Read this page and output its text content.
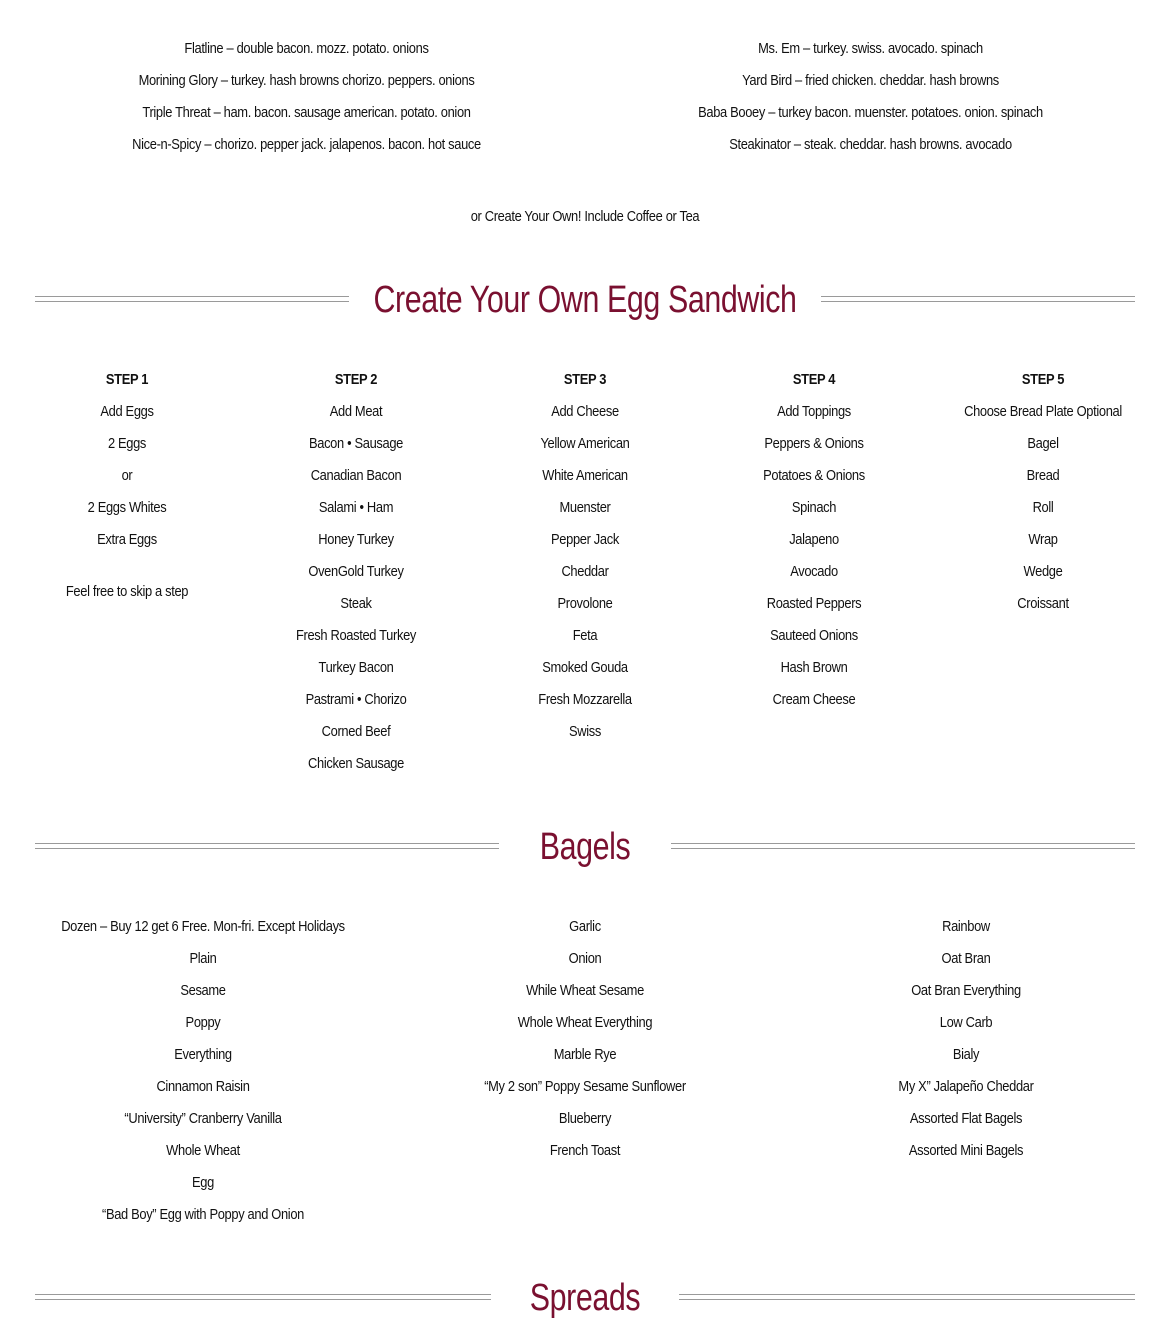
Flatline – double bacon. mozz. potato. onions
Morining Glory – turkey. hash browns chorizo. peppers. onions
Triple Threat – ham. bacon. sausage american. potato. onion
Nice-n-Spicy – chorizo. pepper jack. jalapenos. bacon. hot sauce
Ms. Em – turkey. swiss. avocado. spinach
Yard Bird – fried chicken. cheddar. hash browns
Baba Booey – turkey bacon. muenster. potatoes. onion. spinach
Steakinator – steak. cheddar. hash browns. avocado
or Create Your Own! Include Coffee or Tea
Create Your Own Egg Sandwich
STEP 1
Add Eggs
2 Eggs
or
2 Eggs Whites
Extra Eggs
Feel free to skip a step
STEP 2
Add Meat
Bacon • Sausage
Canadian Bacon
Salami • Ham
Honey Turkey
OvenGold Turkey
Steak
Fresh Roasted Turkey
Turkey Bacon
Pastrami • Chorizo
Corned Beef
Chicken Sausage
STEP 3
Add Cheese
Yellow American
White American
Muenster
Pepper Jack
Cheddar
Provolone
Feta
Smoked Gouda
Fresh Mozzarella
Swiss
STEP 4
Add Toppings
Peppers & Onions
Potatoes & Onions
Spinach
Jalapeno
Avocado
Roasted Peppers
Sauteed Onions
Hash Brown
Cream Cheese
STEP 5
Choose Bread Plate Optional
Bagel
Bread
Roll
Wrap
Wedge
Croissant
Bagels
Dozen – Buy 12 get 6 Free. Mon-fri. Except Holidays
Plain
Sesame
Poppy
Everything
Cinnamon Raisin
“University” Cranberry Vanilla
Whole Wheat
Egg
“Bad Boy” Egg with Poppy and Onion
Garlic
Onion
While Wheat Sesame
Whole Wheat Everything
Marble Rye
“My 2 son” Poppy Sesame Sunflower
Blueberry
French Toast
Rainbow
Oat Bran
Oat Bran Everything
Low Carb
Bialy
My X” Jalapeño Cheddar
Assorted Flat Bagels
Assorted Mini Bagels
Spreads
